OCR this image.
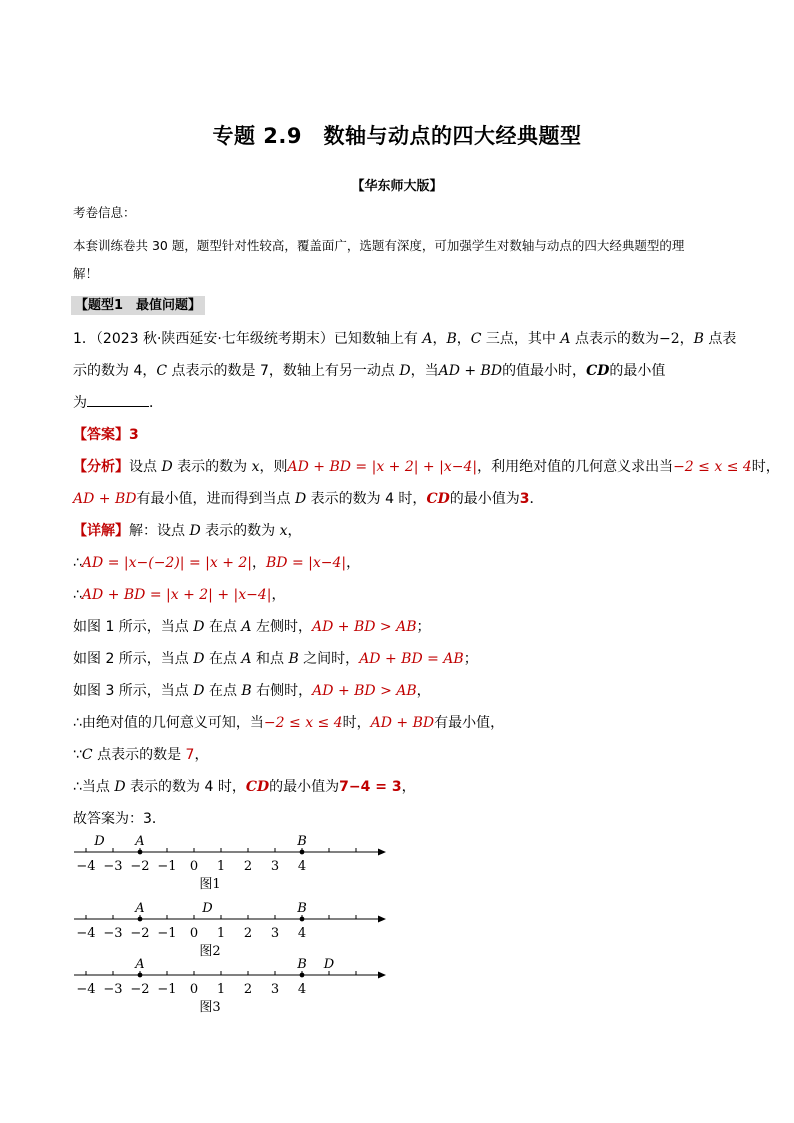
专题 2.9　数轴与动点的四大经典题型
【华东师大版】
考卷信息：
本套训练卷共 30 题，题型针对性较高，覆盖面广，选题有深度，可加强学生对数轴与动点的四大经典题型的理
解！
【题型1　最值问题】
1．（2023 秋·陕西延安·七年级统考期末）已知数轴上有 A，B，C 三点，其中 A 点表示的数为−2，B 点表
示的数为 4，C 点表示的数是 7，数轴上有另一动点 D，当AD + BD的值最小时，CD的最小值
为	．
【答案】3
【分析】设点 D 表示的数为 x，则AD + BD = |x + 2| + |x−4|，利用绝对值的几何意义求出当−2 ≤ x ≤ 4时，
AD + BD有最小值，进而得到当点 D 表示的数为 4 时，CD的最小值为3．
【详解】解：设点 D 表示的数为 x，
∴AD = |x−(−2)| = |x + 2|，BD = |x−4|，
∴AD + BD = |x + 2| + |x−4|，
如图 1 所示，当点 D 在点 A 左侧时，AD + BD > AB；
如图 2 所示，当点 D 在点 A 和点 B 之间时，AD + BD = AB；
如图 3 所示，当点 D 在点 B 右侧时，AD + BD > AB，
∴由绝对值的几何意义可知，当−2 ≤ x ≤ 4时，AD + BD有最小值，
∵C 点表示的数是 7，
∴当点 D 表示的数为 4 时，CD的最小值为7−4 = 3，
故答案为：3．
−4 −3 −2 −1 0 1 2 3 4
D A	B
图1
−4 −3 −2 −1 0 1 2 3 4
A	D	B
图2
−4 −3 −2 −1 0 1 2 3 4
A	B D
图3
